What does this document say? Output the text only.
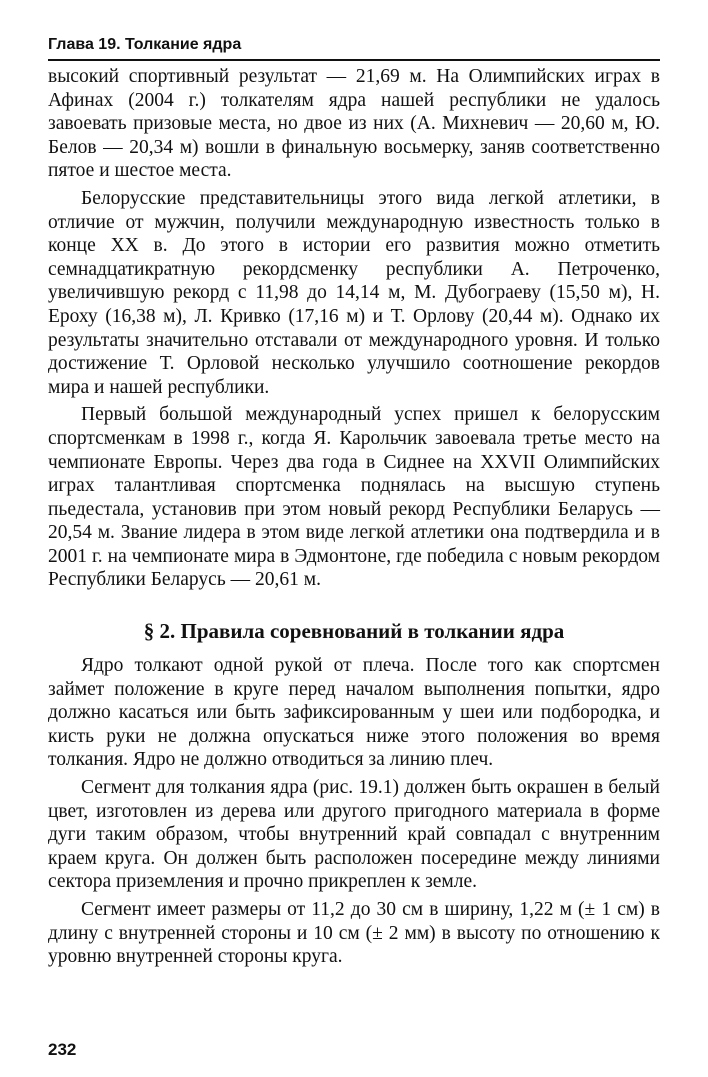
Глава 19. Толкание ядра

высокий спортивный результат — 21,69 м. На Олимпийских играх в Афинах (2004 г.) толкателям ядра нашей республики не удалось завоевать призовые места, но двое из них (А. Михневич — 20,60 м, Ю. Белов — 20,34 м) вошли в финальную восьмерку, заняв соответственно пятое и шестое места.

Белорусские представительницы этого вида легкой атлетики, в отличие от мужчин, получили международную известность только в конце XX в. До этого в истории его развития можно отметить семнадцатикратную рекордсменку республики А. Петроченко, увеличившую рекорд с 11,98 до 14,14 м, М. Дубограеву (15,50 м), Н. Ероху (16,38 м), Л. Кривко (17,16 м) и Т. Орлову (20,44 м). Однако их результаты значительно отставали от международного уровня. И только достижение Т. Орловой несколько улучшило соотношение рекордов мира и нашей республики.

Первый большой международный успех пришел к белорусским спортсменкам в 1998 г., когда Я. Карольчик завоевала третье место на чемпионате Европы. Через два года в Сиднее на XXVII Олимпийских играх талантливая спортсменка поднялась на высшую ступень пьедестала, установив при этом новый рекорд Республики Беларусь — 20,54 м. Звание лидера в этом виде легкой атлетики она подтвердила и в 2001 г. на чемпионате мира в Эдмонтоне, где победила с новым рекордом Республики Беларусь — 20,61 м.

§ 2. Правила соревнований в толкании ядра

Ядро толкают одной рукой от плеча. После того как спортсмен займет положение в круге перед началом выполнения попытки, ядро должно касаться или быть зафиксированным у шеи или подбородка, и кисть руки не должна опускаться ниже этого положения во время толкания. Ядро не должно отводиться за линию плеч.

Сегмент для толкания ядра (рис. 19.1) должен быть окрашен в белый цвет, изготовлен из дерева или другого пригодного материала в форме дуги таким образом, чтобы внутренний край совпадал с внутренним краем круга. Он должен быть расположен посередине между линиями сектора приземления и прочно прикреплен к земле.

Сегмент имеет размеры от 11,2 до 30 см в ширину, 1,22 м (± 1 см) в длину с внутренней стороны и 10 см (± 2 мм) в высоту по отношению к уровню внутренней стороны круга.

232
